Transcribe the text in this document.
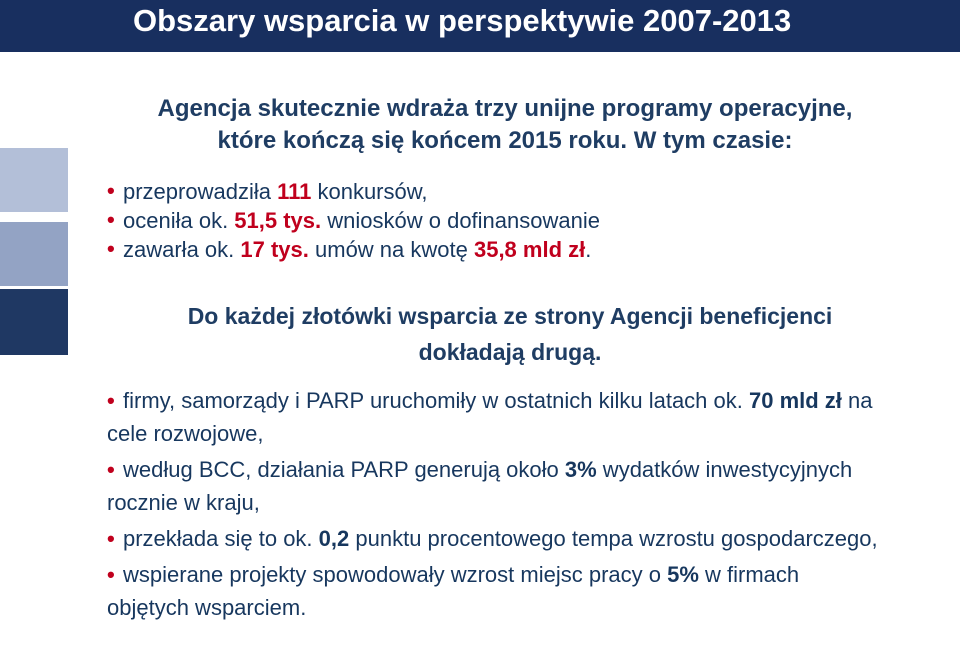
Obszary wsparcia w perspektywie 2007-2013
Agencja skutecznie wdraża trzy unijne programy operacyjne,
które kończą się końcem 2015 roku. W tym czasie:
• przeprowadziła 111 konkursów,
• oceniła ok. 51,5 tys. wniosków o dofinansowanie
• zawarła ok. 17 tys. umów na kwotę 35,8 mld zł.
Do każdej złotówki wsparcia ze strony Agencji beneficjenci
dokładają drugą.
• firmy, samorządy i PARP uruchomiły w ostatnich kilku latach ok. 70 mld zł na cele rozwojowe,
• według BCC, działania PARP generują około 3% wydatków inwestycyjnych rocznie w kraju,
• przekłada się to ok. 0,2 punktu procentowego tempa wzrostu gospodarczego,
• wspierane projekty spowodowały wzrost miejsc pracy o 5% w firmach objętych wsparciem.
